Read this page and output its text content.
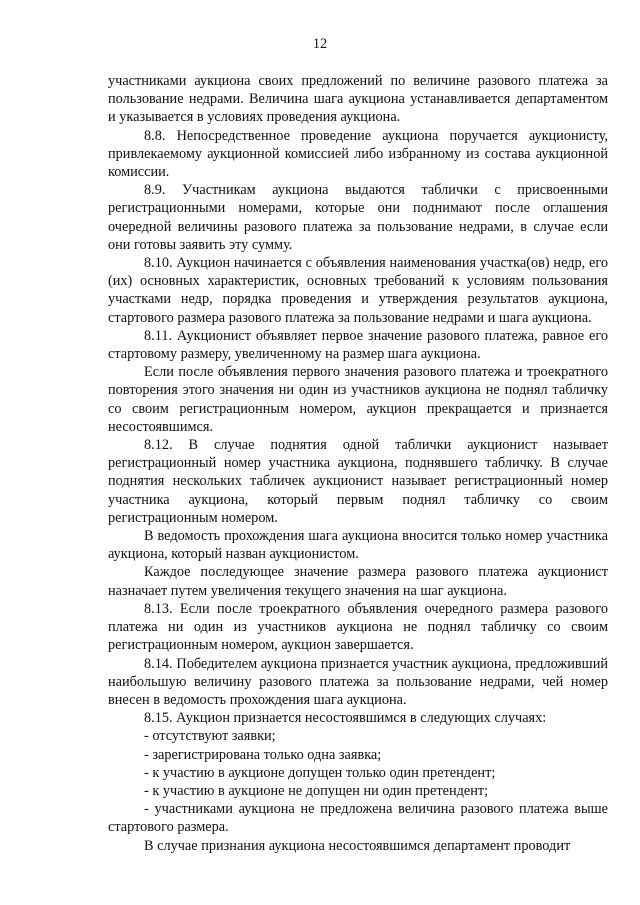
12

участниками аукциона своих предложений по величине разового платежа за пользование недрами. Величина шага аукциона устанавливается департаментом и указывается в условиях проведения аукциона.

8.8. Непосредственное проведение аукциона поручается аукционисту, привлекаемому аукционной комиссией либо избранному из состава аукционной комиссии.

8.9. Участникам аукциона выдаются таблички с присвоенными регистрационными номерами, которые они поднимают после оглашения очередной величины разового платежа за пользование недрами, в случае если они готовы заявить эту сумму.

8.10. Аукцион начинается с объявления наименования участка(ов) недр, его (их) основных характеристик, основных требований к условиям пользования участками недр, порядка проведения и утверждения результатов аукциона, стартового размера разового платежа за пользование недрами и шага аукциона.

8.11. Аукционист объявляет первое значение разового платежа, равное его стартовому размеру, увеличенному на размер шага аукциона.

Если после объявления первого значения разового платежа и троекратного повторения этого значения ни один из участников аукциона не поднял табличку со своим регистрационным номером, аукцион прекращается и признается несостоявшимся.

8.12. В случае поднятия одной таблички аукционист называет регистрационный номер участника аукциона, поднявшего табличку. В случае поднятия нескольких табличек аукционист называет регистрационный номер участника аукциона, который первым поднял табличку со своим регистрационным номером.

В ведомость прохождения шага аукциона вносится только номер участника аукциона, который назван аукционистом.

Каждое последующее значение размера разового платежа аукционист назначает путем увеличения текущего значения на шаг аукциона.

8.13. Если после троекратного объявления очередного размера разового платежа ни один из участников аукциона не поднял табличку со своим регистрационным номером, аукцион завершается.

8.14. Победителем аукциона признается участник аукциона, предложивший наибольшую величину разового платежа за пользование недрами, чей номер внесен в ведомость прохождения шага аукциона.

8.15. Аукцион признается несостоявшимся в следующих случаях:

- отсутствуют заявки;

- зарегистрирована только одна заявка;

- к участию в аукционе допущен только один претендент;

- к участию в аукционе не допущен ни один претендент;

- участниками аукциона не предложена величина разового платежа выше стартового размера.

В случае признания аукциона несостоявшимся департамент проводит
